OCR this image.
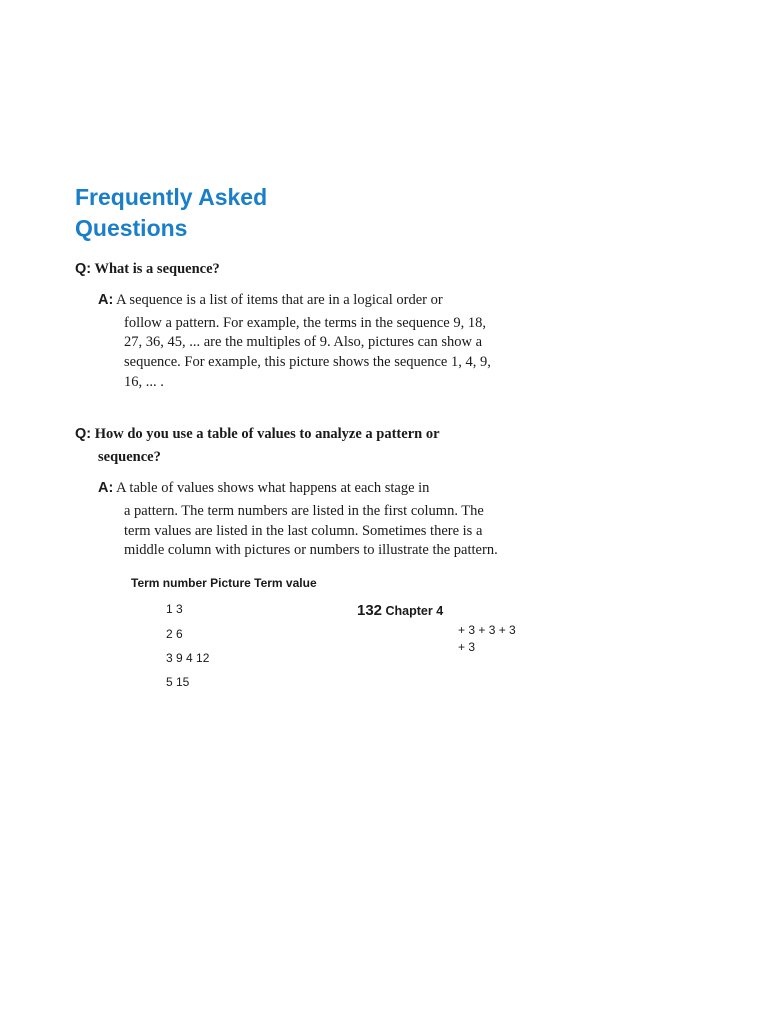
Frequently Asked
Questions
Q: What is a sequence?
A: A sequence is a list of items that are in a logical order or
follow a pattern. For example, the terms in the sequence 9, 18,
27, 36, 45, ... are the multiples of 9. Also, pictures can show a
sequence. For example, this picture shows the sequence 1, 4, 9,
16, ... .
Q: How do you use a table of values to analyze a pattern or
sequence?
A: A table of values shows what happens at each stage in
a pattern. The term numbers are listed in the first column. The
term values are listed in the last column. Sometimes there is a
middle column with pictures or numbers to illustrate the pattern.
Term number Picture Term value
1 3
2 6
3 9 4 12
5 15
132 Chapter 4
+ 3 + 3 + 3
+ 3
